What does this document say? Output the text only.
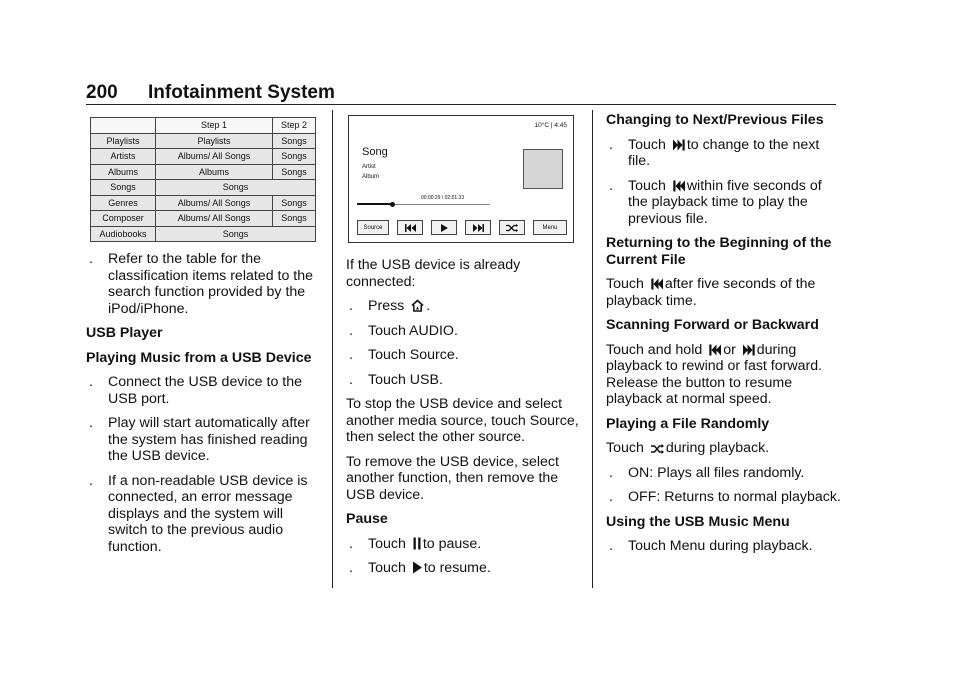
200 Infotainment System
	Step 1	Step 2
Playlists	Playlists	Songs
Artists	Albums/ All Songs	Songs
Albums	Albums	Songs
Songs	Songs	
Genres	Albums/ All Songs	Songs
Composer	Albums/ All Songs	Songs
Audiobooks	Songs	
.	Refer to the table for the classification items related to the search function provided by the iPod/iPhone.
USB Player
Playing Music from a USB Device
.	Connect the USB device to the USB port.
.	Play will start automatically after the system has finished reading the USB device.
.	If a non-readable USB device is connected, an error message displays and the system will switch to the previous audio function.
10°C | 4:45
Song
Artist
Album
00:00:29 / 02:01:33
Source	Menu

If the USB device is already connected:

.	Press .
.	Touch AUDIO.
.	Touch Source.
.	Touch USB.

To stop the USB device and select another media source, touch Source, then select the other source.

To remove the USB device, select another function, then remove the USB device.

Pause
.	Touch to pause.
.	Touch to resume.
Changing to Next/Previous Files
.	Touch to change to the next file.
.	Touch within five seconds of the playback time to play the previous file.
Returning to the Beginning of the Current File

Touch after five seconds of the playback time.

Scanning Forward or Backward

Touch and hold or during playback to rewind or fast forward. Release the button to resume playback at normal speed.

Playing a File Randomly

Touch during playback.

.	ON: Plays all files randomly.
.	OFF: Returns to normal playback.
Using the USB Music Menu
.	Touch Menu during playback.
